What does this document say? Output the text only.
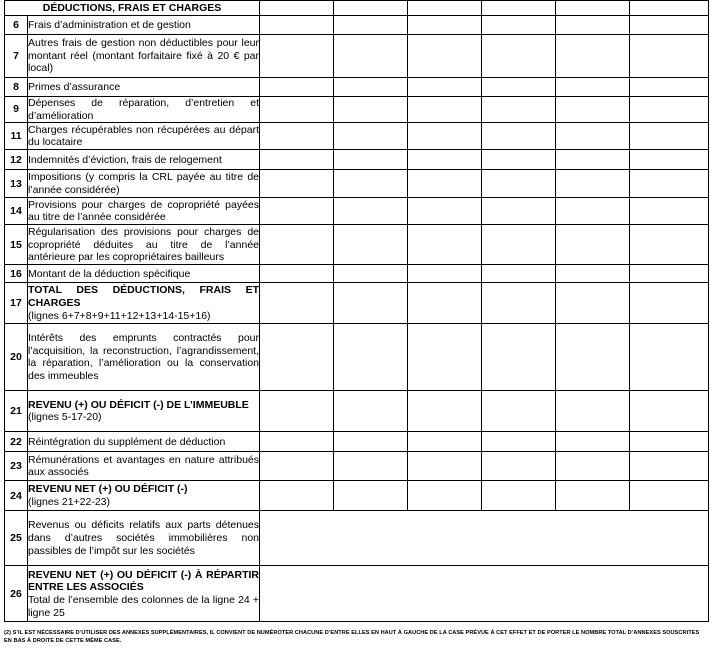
DÉDUCTIONS, FRAIS ET CHARGES							
6	Frais d’administration et de gestion						
7	Autres frais de gestion non déductibles pour leur montant réel (montant forfaitaire fixé à 20 € par local)						
8	Primes d’assurance						
9	Dépenses de réparation, d’entretien et d’amélioration						
11	Charges récupérables non récupérées au départ du locataire						
12	Indemnités d’éviction, frais de relogement						
13	Impositions (y compris la CRL payée au titre de l’année considérée)						
14	Provisions pour charges de copropriété payées au titre de l’année considérée						
15	Régularisation des provisions pour charges de copropriété déduites au titre de l’année antérieure par les copropriétaires bailleurs						
16	Montant de la déduction spécifique						
17	TOTAL DES DÉDUCTIONS, FRAIS ET CHARGES
(lignes 6+7+8+9+11+12+13+14-15+16)						
20	Intérêts des emprunts contractés pour l’acquisition, la reconstruction, l’agrandissement, la réparation, l’amélioration ou la conservation des immeubles						
21	REVENU (+) OU DÉFICIT (-) DE L’IMMEUBLE
(lignes 5-17-20)						
22	Réintégration du supplément de déduction						
23	Rémunérations et avantages en nature attribués aux associés						
24	REVENU NET (+) OU DÉFICIT (-)
(lignes 21+22-23)						
25	Revenus ou déficits relatifs aux parts détenues dans d’autres sociétés immobilières non passibles de l’impôt sur les sociétés						
26	REVENU NET (+) OU DÉFICIT (-) À RÉPARTIR ENTRE LES ASSOCIÉS
Total de l’ensemble des colonnes de la ligne 24 + ligne 25						
(2) S’IL EST NÉCESSAIRE D’UTILISER DES ANNEXES SUPPLÉMENTAIRES, IL CONVIENT DE NUMÉROTER CHACUNE D’ENTRE ELLES EN HAUT À GAUCHE DE LA CASE PRÉVUE À CET EFFET ET DE PORTER LE NOMBRE TOTAL D’ANNEXES SOUSCRITES EN BAS À DROITE DE CETTE MÊME CASE.
